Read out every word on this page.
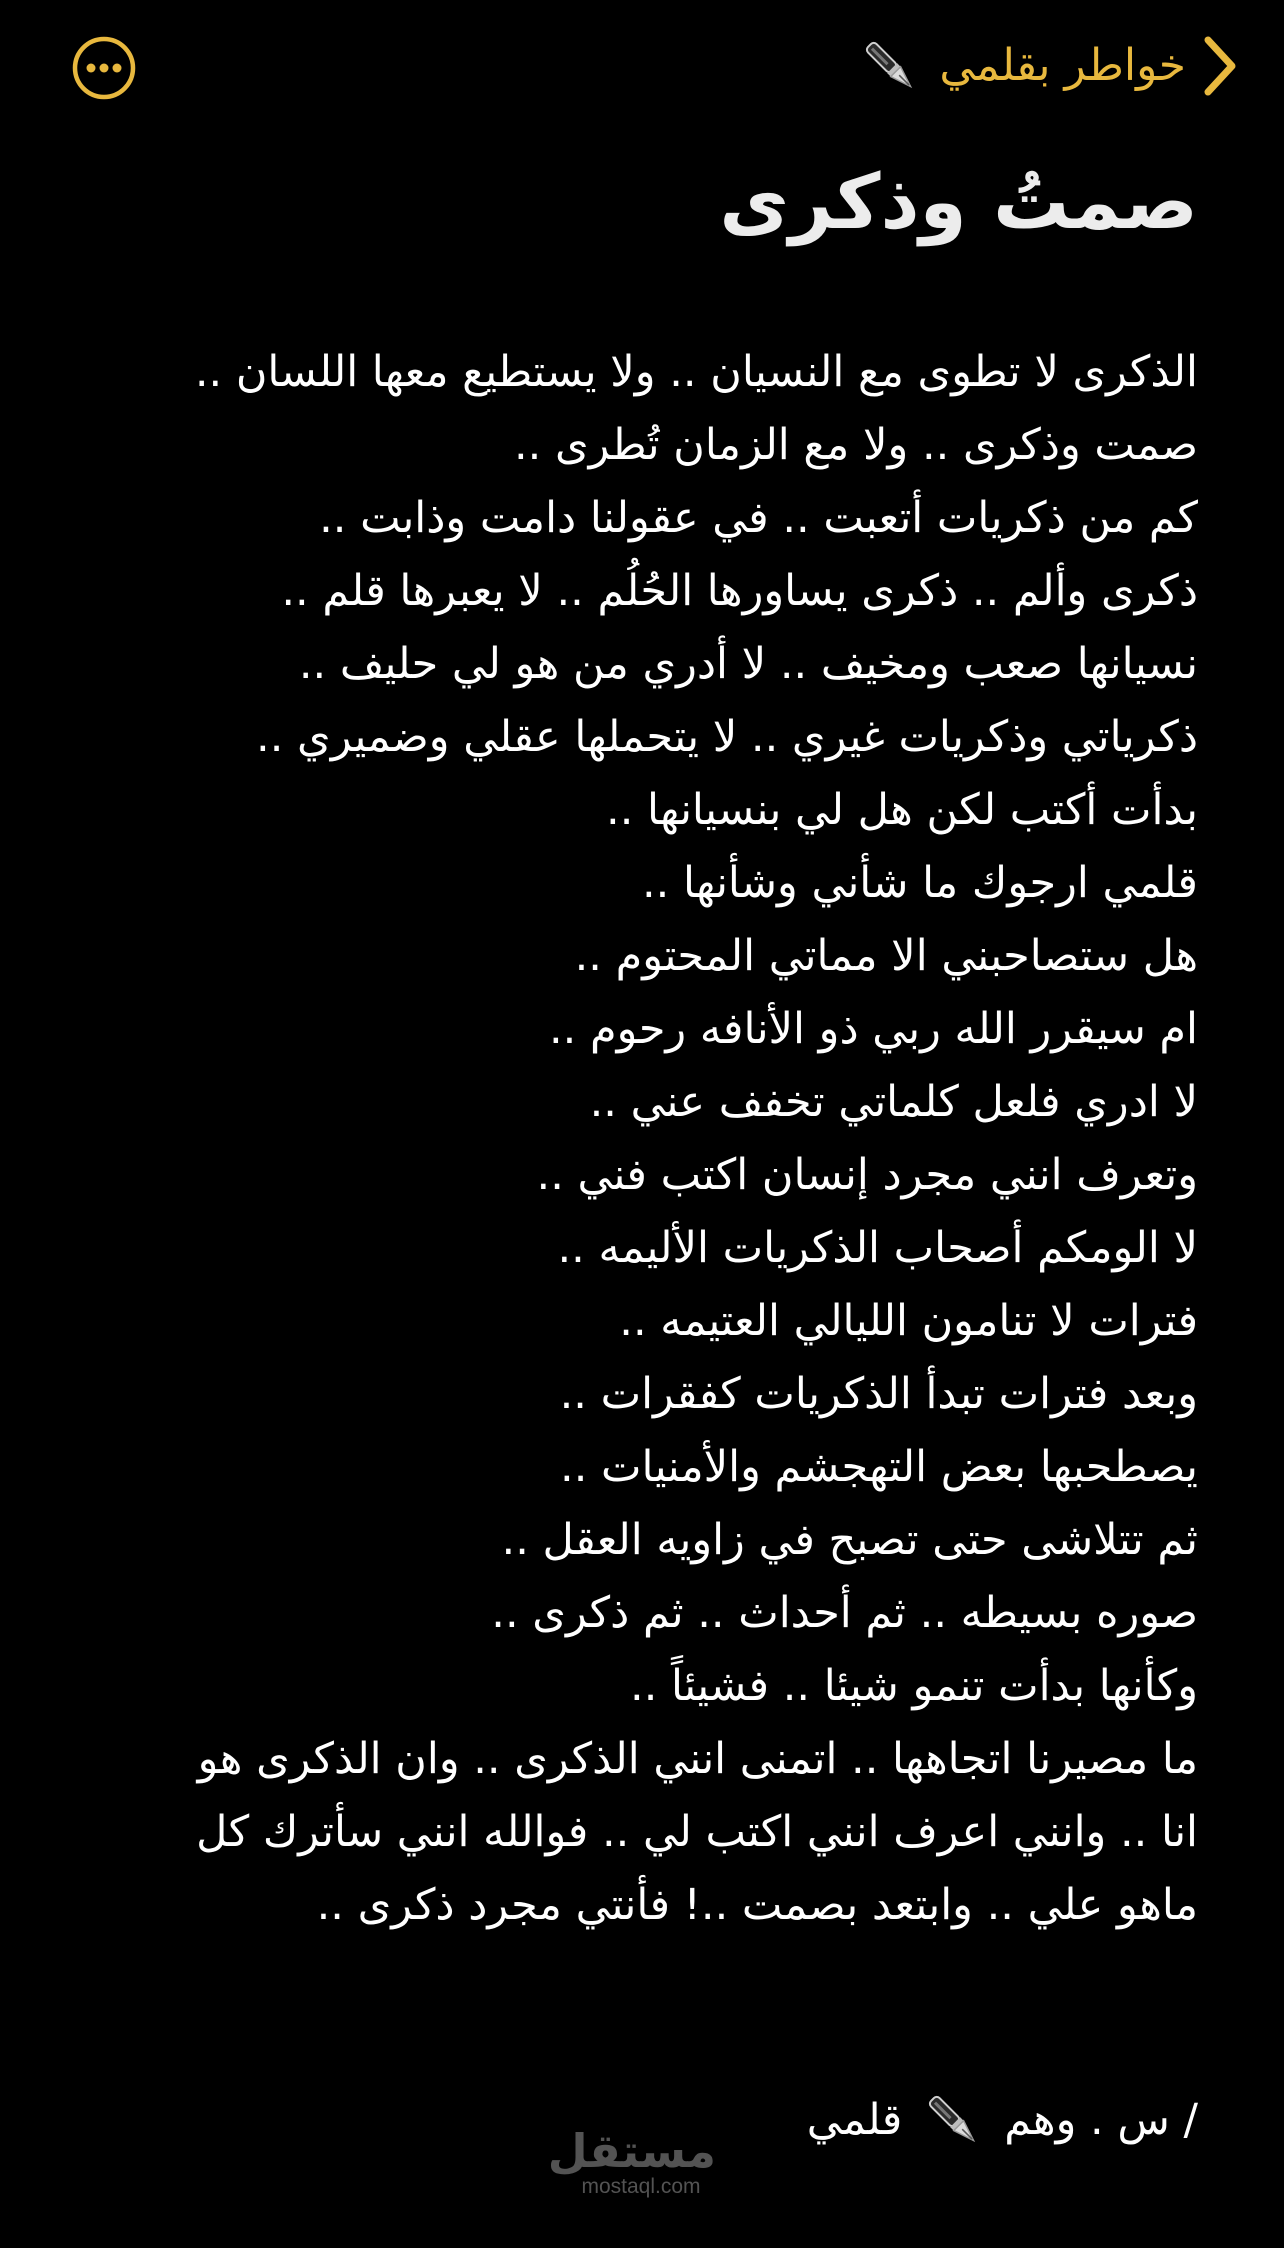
خواطر بقلمي
صمتُ وذكرى
الذكرى لا تطوى مع النسيان .. ولا يستطيع معها اللسان ..
صمت وذكرى .. ولا مع الزمان تُطرى ..
كم من ذكريات أتعبت .. في عقولنا دامت وذابت ..
ذكرى وألم .. ذكرى يساورها الحُلُم .. لا يعبرها قلم ..
نسيانها صعب ومخيف .. لا أدري من هو لي حليف ..
ذكرياتي وذكريات غيري .. لا يتحملها عقلي وضميري ..
بدأت أكتب لكن هل لي بنسيانها ..
قلمي ارجوك ما شأني وشأنها ..
هل ستصاحبني الا مماتي المحتوم ..
ام سيقرر الله ربي ذو الأنافه رحوم ..
لا ادري فلعل كلماتي تخفف عني ..
وتعرف انني مجرد إنسان اكتب فني ..
لا الومكم أصحاب الذكريات الأليمه ..
فترات لا تنامون الليالي العتيمه ..
وبعد فترات تبدأ الذكريات كفقرات ..
يصطحبها بعض التهجشم والأمنيات ..
ثم تتلاشى حتى تصبح في زاويه العقل ..
صوره بسيطه .. ثم أحداث .. ثم ذكرى ..
وكأنها بدأت تنمو شيئا .. فشيئاً ..
ما مصيرنا اتجاهها .. اتمنى انني الذكرى .. وان الذكرى هو
انا .. وانني اعرف انني اكتب لي .. فوالله انني سأترك كل
ماهو علي .. وابتعد بصمت ..! فأنتي مجرد ذكرى ..
قلمي / س . وهم
مستقل
mostaql.com
